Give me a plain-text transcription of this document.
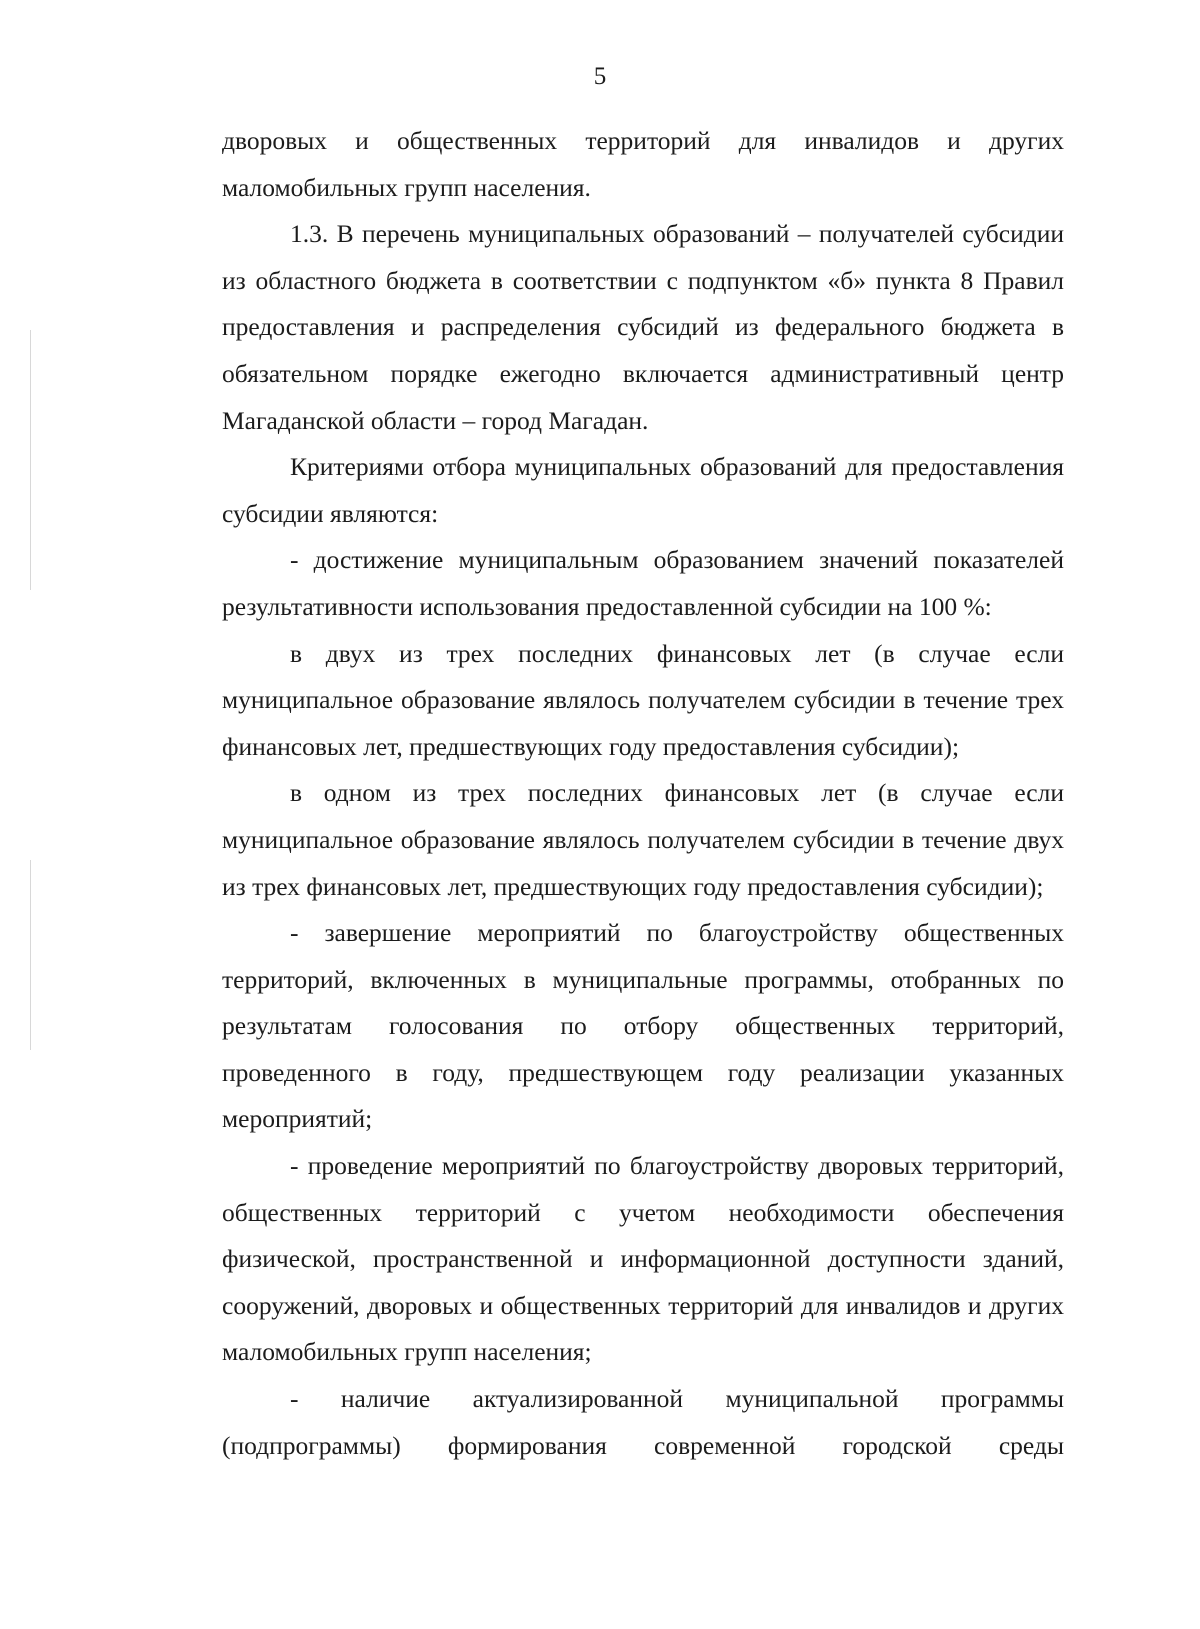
5

дворовых и общественных территорий для инвалидов и других маломобильных групп населения.

1.3. В перечень муниципальных образований – получателей субсидии из областного бюджета в соответствии с подпунктом «б» пункта 8 Правил предоставления и распределения субсидий из федерального бюджета в обязательном порядке ежегодно включается административный центр Магаданской области – город Магадан.

Критериями отбора муниципальных образований для предоставления субсидии являются:

- достижение муниципальным образованием значений показателей результативности использования предоставленной субсидии на 100 %:

в двух из трех последних финансовых лет (в случае если муниципальное образование являлось получателем субсидии в течение трех финансовых лет, предшествующих году предоставления субсидии);

в одном из трех последних финансовых лет (в случае если муниципальное образование являлось получателем субсидии в течение двух из трех финансовых лет, предшествующих году предоставления субсидии);

- завершение мероприятий по благоустройству общественных территорий, включенных в муниципальные программы, отобранных по результатам голосования по отбору общественных территорий, проведенного в году, предшествующем году реализации указанных мероприятий;

- проведение мероприятий по благоустройству дворовых территорий, общественных территорий с учетом необходимости обеспечения физической, пространственной и информационной доступности зданий, сооружений, дворовых и общественных территорий для инвалидов и других маломобильных групп населения;

- наличие актуализированной муниципальной программы (подпрограммы) формирования современной городской среды
